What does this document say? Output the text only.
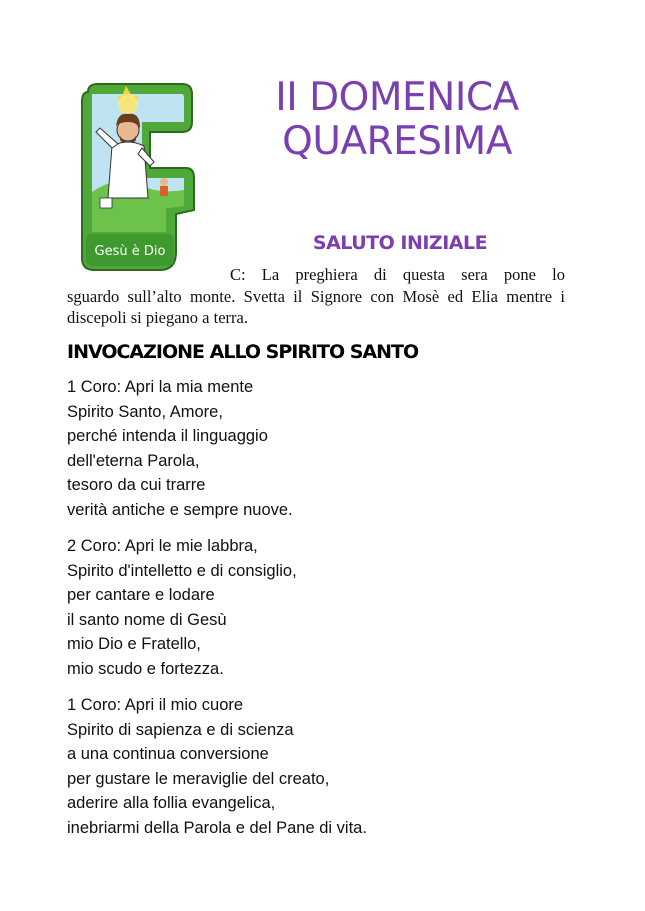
Gesù è Dio
II DOMENICA
QUARESIMA
SALUTO INIZIALE

C: La preghiera di questa sera pone lo

sguardo sull’alto monte. Svetta il Signore con Mosè ed Elia mentre i discepoli si piegano a terra.

INVOCAZIONE ALLO SPIRITO SANTO

1 Coro: Apri la mia mente
Spirito Santo, Amore,
perché intenda il linguaggio
dell'eterna Parola,
tesoro da cui trarre
verità antiche e sempre nuove.

2 Coro: Apri le mie labbra,
Spirito d'intelletto e di consiglio,
per cantare e lodare
il santo nome di Gesù
mio Dio e Fratello,
mio scudo e fortezza.

1 Coro: Apri il mio cuore
Spirito di sapienza e di scienza
a una continua conversione
per gustare le meraviglie del creato,
aderire alla follia evangelica,
inebriarmi della Parola e del Pane di vita.
